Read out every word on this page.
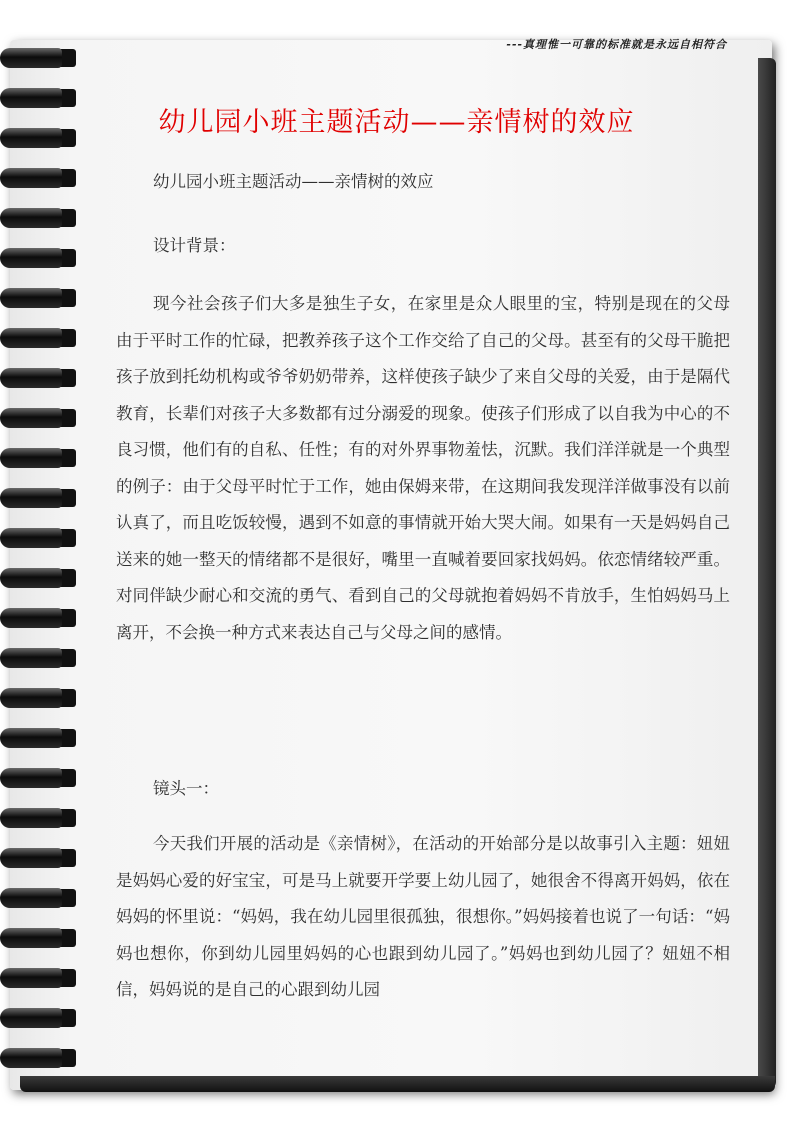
---真理惟一可靠的标准就是永远自相符合
幼儿园小班主题活动——亲情树的效应
幼儿园小班主题活动——亲情树的效应
设计背景：
现今社会孩子们大多是独生子女，在家里是众人眼里的宝，特别是现在的父母由于平时工作的忙碌，把教养孩子这个工作交给了自己的父母。甚至有的父母干脆把孩子放到托幼机构或爷爷奶奶带养，这样使孩子缺少了来自父母的关爱，由于是隔代教育，长辈们对孩子大多数都有过分溺爱的现象。使孩子们形成了以自我为中心的不良习惯，他们有的自私、任性；有的对外界事物羞怯，沉默。我们洋洋就是一个典型的例子：由于父母平时忙于工作，她由保姆来带，在这期间我发现洋洋做事没有以前认真了，而且吃饭较慢，遇到不如意的事情就开始大哭大闹。如果有一天是妈妈自己送来的她一整天的情绪都不是很好，嘴里一直喊着要回家找妈妈。依恋情绪较严重。对同伴缺少耐心和交流的勇气、看到自己的父母就抱着妈妈不肯放手，生怕妈妈马上离开，不会换一种方式来表达自己与父母之间的感情。
镜头一：
今天我们开展的活动是《亲情树》，在活动的开始部分是以故事引入主题：妞妞是妈妈心爱的好宝宝，可是马上就要开学要上幼儿园了，她很舍不得离开妈妈，依在妈妈的怀里说：“妈妈，我在幼儿园里很孤独，很想你。”妈妈接着也说了一句话：“妈妈也想你，你到幼儿园里妈妈的心也跟到幼儿园了。”妈妈也到幼儿园了？妞妞不相信，妈妈说的是自己的心跟到幼儿园
